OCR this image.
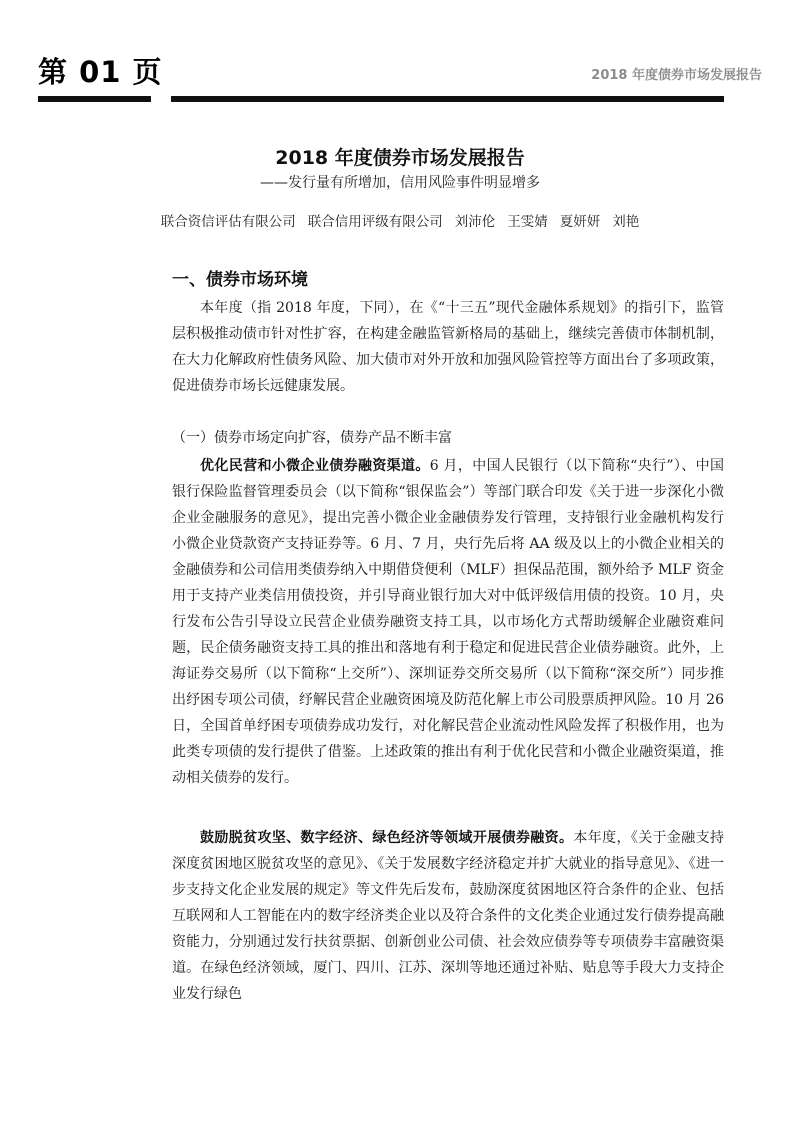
第 01 页	2018 年度债券市场发展报告
2018 年度债券市场发展报告
——发行量有所增加，信用风险事件明显增多
联合资信评估有限公司 联合信用评级有限公司 刘沛伦 王雯婧 夏妍妍 刘艳
一、债券市场环境

本年度（指 2018 年度，下同），在《“十三五”现代金融体系规划》的指引下，监管层积极推动债市针对性扩容，在构建金融监管新格局的基础上，继续完善债市体制机制，在大力化解政府性债务风险、加大债市对外开放和加强风险管控等方面出台了多项政策，促进债券市场长远健康发展。

（一）债券市场定向扩容，债券产品不断丰富

优化民营和小微企业债券融资渠道。6 月，中国人民银行（以下简称“央行”）、中国银行保险监督管理委员会（以下简称“银保监会”）等部门联合印发《关于进一步深化小微企业金融服务的意见》，提出完善小微企业金融债券发行管理，支持银行业金融机构发行小微企业贷款资产支持证券等。6 月、7 月，央行先后将 AA 级及以上的小微企业相关的金融债券和公司信用类债券纳入中期借贷便利（MLF）担保品范围，额外给予 MLF 资金用于支持产业类信用债投资，并引导商业银行加大对中低评级信用债的投资。10 月，央行发布公告引导设立民营企业债券融资支持工具，以市场化方式帮助缓解企业融资难问题，民企债务融资支持工具的推出和落地有利于稳定和促进民营企业债券融资。此外，上海证券交易所（以下简称“上交所”）、深圳证券交所交易所（以下简称“深交所”）同步推出纾困专项公司债，纾解民营企业融资困境及防范化解上市公司股票质押风险。10 月 26 日，全国首单纾困专项债券成功发行，对化解民营企业流动性风险发挥了积极作用，也为此类专项债的发行提供了借鉴。上述政策的推出有利于优化民营和小微企业融资渠道，推动相关债券的发行。

鼓励脱贫攻坚、数字经济、绿色经济等领域开展债券融资。本年度，《关于金融支持深度贫困地区脱贫攻坚的意见》、《关于发展数字经济稳定并扩大就业的指导意见》、《进一步支持文化企业发展的规定》等文件先后发布，鼓励深度贫困地区符合条件的企业、包括互联网和人工智能在内的数字经济类企业以及符合条件的文化类企业通过发行债券提高融资能力，分别通过发行扶贫票据、创新创业公司债、社会效应债券等专项债券丰富融资渠道。在绿色经济领域，厦门、四川、江苏、深圳等地还通过补贴、贴息等手段大力支持企业发行绿色
